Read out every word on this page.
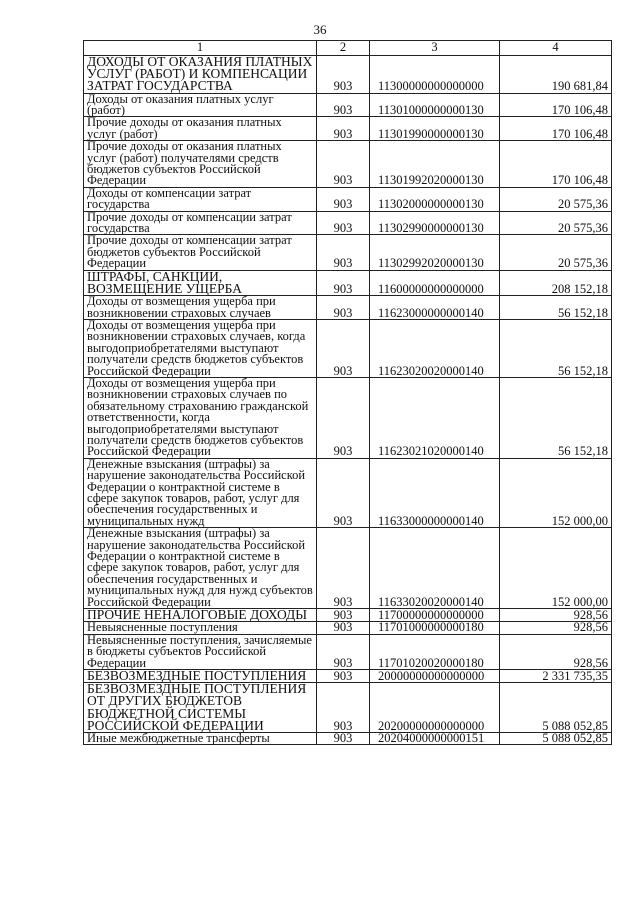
36
1	2	3	4
ДОХОДЫ ОТ ОКАЗАНИЯ ПЛАТНЫХ УСЛУГ (РАБОТ) И КОМПЕНСАЦИИ ЗАТРАТ ГОСУДАРСТВА	903	11300000000000000	190 681,84
Доходы от оказания платных услуг (работ)	903	11301000000000130	170 106,48
Прочие доходы от оказания платных услуг (работ)	903	11301990000000130	170 106,48
Прочие доходы от оказания платных услуг (работ) получателями средств бюджетов субъектов Российской Федерации	903	11301992020000130	170 106,48
Доходы от компенсации затрат государства	903	11302000000000130	20 575,36
Прочие доходы от компенсации затрат государства	903	11302990000000130	20 575,36
Прочие доходы от компенсации затрат бюджетов субъектов Российской Федерации	903	11302992020000130	20 575,36
ШТРАФЫ, САНКЦИИ, ВОЗМЕЩЕНИЕ УЩЕРБА	903	11600000000000000	208 152,18
Доходы от возмещения ущерба при возникновении страховых случаев	903	11623000000000140	56 152,18
Доходы от возмещения ущерба при возникновении страховых случаев, когда выгодоприобретателями выступают получатели средств бюджетов субъектов Российской Федерации	903	11623020020000140	56 152,18
Доходы от возмещения ущерба при возникновении страховых случаев по обязательному страхованию гражданской ответственности, когда выгодоприобретателями выступают получатели средств бюджетов субъектов Российской Федерации	903	11623021020000140	56 152,18
Денежные взыскания (штрафы) за нарушение законодательства Российской Федерации о контрактной системе в сфере закупок товаров, работ, услуг для обеспечения государственных и муниципальных нужд	903	11633000000000140	152 000,00
Денежные взыскания (штрафы) за нарушение законодательства Российской Федерации о контрактной системе в сфере закупок товаров, работ, услуг для обеспечения государственных и муниципальных нужд для нужд субъектов Российской Федерации	903	11633020020000140	152 000,00
ПРОЧИЕ НЕНАЛОГОВЫЕ ДОХОДЫ	903	11700000000000000	928,56
Невыясненные поступления	903	11701000000000180	928,56
Невыясненные поступления, зачисляемые в бюджеты субъектов Российской Федерации	903	11701020020000180	928,56
БЕЗВОЗМЕЗДНЫЕ ПОСТУПЛЕНИЯ	903	20000000000000000	2 331 735,35
БЕЗВОЗМЕЗДНЫЕ ПОСТУПЛЕНИЯ ОТ ДРУГИХ БЮДЖЕТОВ БЮДЖЕТНОЙ СИСТЕМЫ РОССИЙСКОЙ ФЕДЕРАЦИИ	903	20200000000000000	5 088 052,85
Иные межбюджетные трансферты	903	20204000000000151	5 088 052,85
